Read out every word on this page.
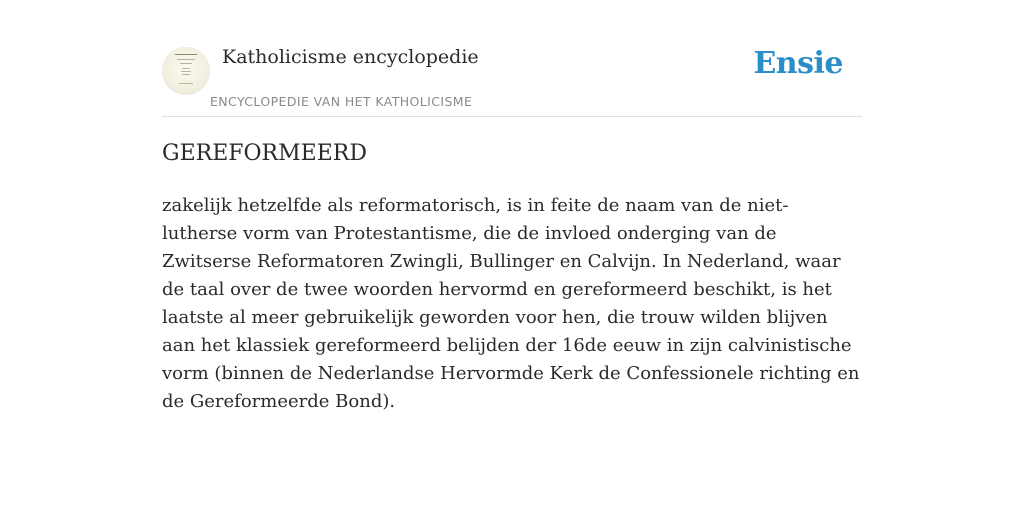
Katholicisme encyclopedie
ENCYCLOPEDIE VAN HET KATHOLICISME
Ensie
GEREFORMEERD

zakelijk hetzelfde als reformatorisch, is in feite de naam van de niet-lutherse vorm van Protestantisme, die de invloed onderging van de Zwitserse Reformatoren Zwingli, Bullinger en Calvijn. In Nederland, waar de taal over de twee woorden hervormd en gereformeerd beschikt, is het laatste al meer gebruikelijk geworden voor hen, die trouw wilden blijven aan het klassiek gereformeerd belijden der 16de eeuw in zijn calvinistische vorm (binnen de Nederlandse Hervormde Kerk de Confessionele richting en de Gereformeerde Bond).
